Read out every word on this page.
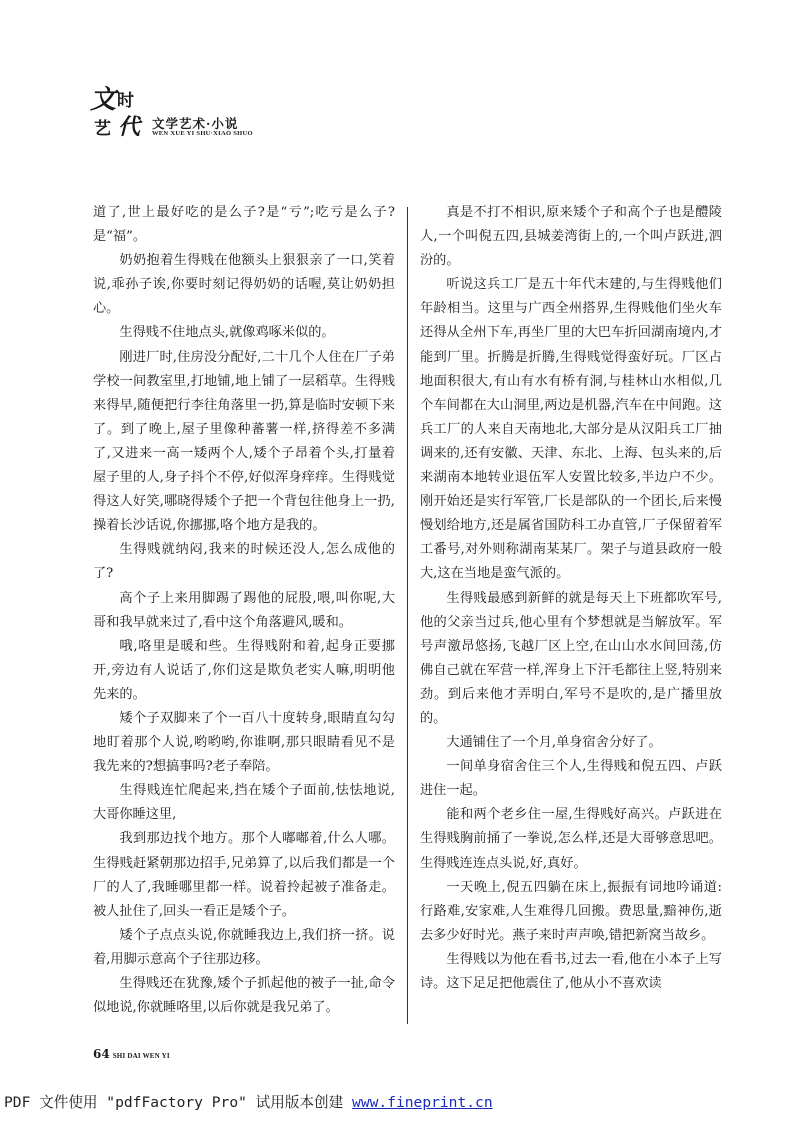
文 时
艺 代 文学艺术·小说
WEN XUE YI SHU·XIAO SHUO

道了,世上最好吃的是么子?是“亏”;吃亏是么子?是“福”。

奶奶抱着生得贱在他额头上狠狠亲了一口,笑着说,乖孙子诶,你要时刻记得奶奶的话喔,莫让奶奶担心。

生得贱不住地点头,就像鸡啄米似的。

刚进厂时,住房没分配好,二十几个人住在厂子弟学校一间教室里,打地铺,地上铺了一层稻草。生得贱来得早,随便把行李往角落里一扔,算是临时安顿下来了。到了晚上,屋子里像种蕃薯一样,挤得差不多满了,又进来一高一矮两个人,矮个子昂着个头,打量着屋子里的人,身子抖个不停,好似浑身痒痒。生得贱觉得这人好笑,哪晓得矮个子把一个背包往他身上一扔,操着长沙话说,你挪挪,咯个地方是我的。

生得贱就纳闷,我来的时候还没人,怎么成他的了?

高个子上来用脚踢了踢他的屁股,喂,叫你呢,大哥和我早就来过了,看中这个角落避风,暖和。

哦,咯里是暖和些。生得贱附和着,起身正要挪开,旁边有人说话了,你们这是欺负老实人嘛,明明他先来的。

矮个子双脚来了个一百八十度转身,眼睛直勾勾地盯着那个人说,哟哟哟,你谁啊,那只眼睛看见不是我先来的?想搞事吗?老子奉陪。

生得贱连忙爬起来,挡在矮个子面前,怯怯地说,大哥你睡这里,

我到那边找个地方。那个人嘟嘟着,什么人哪。生得贱赶紧朝那边招手,兄弟算了,以后我们都是一个厂的人了,我睡哪里都一样。说着拎起被子准备走。被人扯住了,回头一看正是矮个子。

矮个子点点头说,你就睡我边上,我们挤一挤。说着,用脚示意高个子往那边移。

生得贱还在犹豫,矮个子抓起他的被子一扯,命令似地说,你就睡咯里,以后你就是我兄弟了。

真是不打不相识,原来矮个子和高个子也是醴陵人,一个叫倪五四,县城姜湾街上的,一个叫卢跃进,泗汾的。

听说这兵工厂是五十年代末建的,与生得贱他们年龄相当。这里与广西全州搭界,生得贱他们坐火车还得从全州下车,再坐厂里的大巴车折回湖南境内,才能到厂里。折腾是折腾,生得贱觉得蛮好玩。厂区占地面积很大,有山有水有桥有洞,与桂林山水相似,几个车间都在大山洞里,两边是机器,汽车在中间跑。这兵工厂的人来自天南地北,大部分是从汉阳兵工厂抽调来的,还有安徽、天津、东北、上海、包头来的,后来湖南本地转业退伍军人安置比较多,半边户不少。刚开始还是实行军管,厂长是部队的一个团长,后来慢慢划给地方,还是属省国防科工办直管,厂子保留着军工番号,对外则称湖南某某厂。架子与道县政府一般大,这在当地是蛮气派的。

生得贱最感到新鲜的就是每天上下班都吹军号,他的父亲当过兵,他心里有个梦想就是当解放军。军号声激昂悠扬,飞越厂区上空,在山山水水间回荡,仿佛自己就在军营一样,浑身上下汗毛都往上竖,特别来劲。到后来他才弄明白,军号不是吹的,是广播里放的。

大通铺住了一个月,单身宿舍分好了。

一间单身宿舍住三个人,生得贱和倪五四、卢跃进住一起。

能和两个老乡住一屋,生得贱好高兴。卢跃进在生得贱胸前捅了一拳说,怎么样,还是大哥够意思吧。生得贱连连点头说,好,真好。

一天晚上,倪五四躺在床上,振振有词地吟诵道:行路难,安家难,人生难得几回搬。费思量,黯神伤,逝去多少好时光。燕子来时声声唤,错把新窝当故乡。

生得贱以为他在看书,过去一看,他在小本子上写诗。这下足足把他震住了,他从小不喜欢读

64 SHI DAI WEN YI
PDF 文件使用 "pdfFactory Pro" 试用版本创建 www.fineprint.cn
